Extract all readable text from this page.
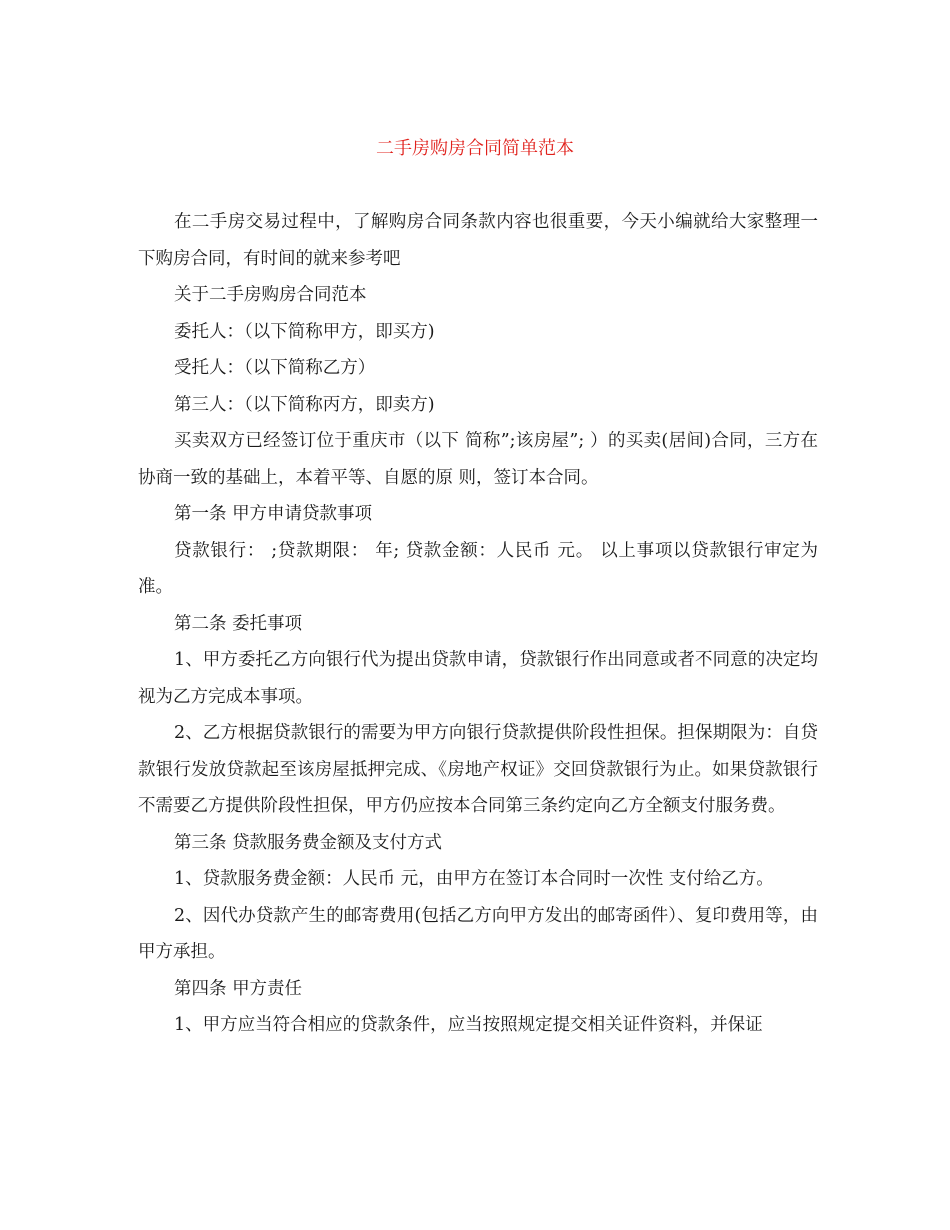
二手房购房合同简单范本

在二手房交易过程中，了解购房合同条款内容也很重要，今天小编就给大家整理一下购房合同，有时间的就来参考吧

关于二手房购房合同范本

委托人：（以下简称甲方，即买方)

受托人：（以下简称乙方）

第三人：（以下简称丙方，即卖方)

买卖双方已经签订位于重庆市（以下 简称”;该房屋”; ）的买卖(居间)合同，三方在协商一致的基础上，本着平等、自愿的原 则，签订本合同。

第一条 甲方申请贷款事项

贷款银行： ;贷款期限： 年; 贷款金额：人民币 元。 以上事项以贷款银行审定为准。

第二条 委托事项

1、甲方委托乙方向银行代为提出贷款申请，贷款银行作出同意或者不同意的决定均 视为乙方完成本事项。

2、乙方根据贷款银行的需要为甲方向银行贷款提供阶段性担保。担保期限为：自贷 款银行发放贷款起至该房屋抵押完成、《房地产权证》交回贷款银行为止。如果贷款银行 不需要乙方提供阶段性担保，甲方仍应按本合同第三条约定向乙方全额支付服务费。

第三条 贷款服务费金额及支付方式

1、贷款服务费金额：人民币 元，由甲方在签订本合同时一次性 支付给乙方。

2、因代办贷款产生的邮寄费用(包括乙方向甲方发出的邮寄函件）、复印费用等，由 甲方承担。

第四条 甲方责任

1、甲方应当符合相应的贷款条件，应当按照规定提交相关证件资料，并保证
